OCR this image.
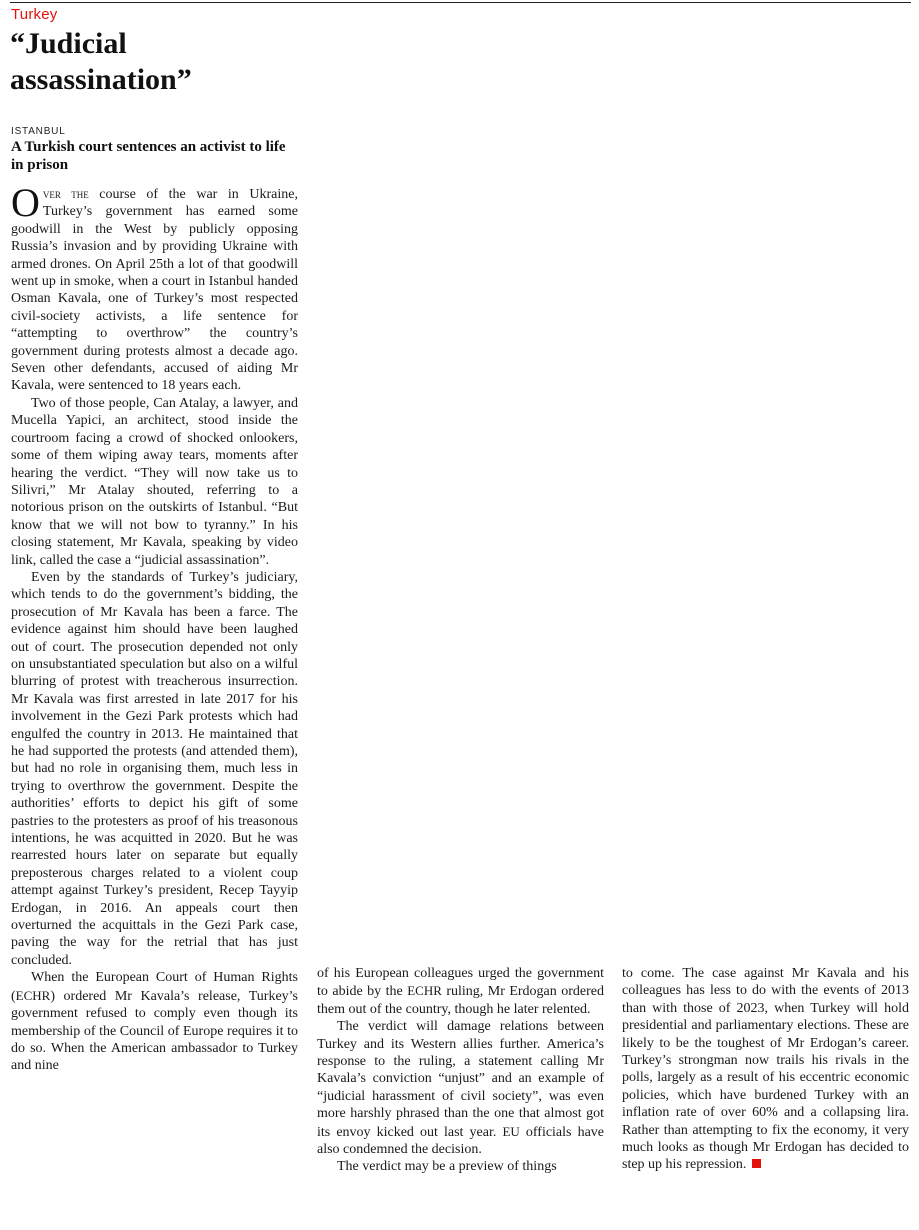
Turkey
“Judicial assassination”
ISTANBUL
A Turkish court sentences an activist to life in prison

Over the course of the war in Ukraine, Turkey’s government has earned some goodwill in the West by publicly opposing Russia’s invasion and by providing Ukraine with armed drones. On April 25th a lot of that goodwill went up in smoke, when a court in Istanbul handed Osman Kavala, one of Turkey’s most respected civil-society activists, a life sentence for “attempting to overthrow” the country’s government during protests almost a decade ago. Seven other defendants, accused of aiding Mr Kavala, were sentenced to 18 years each.

Two of those people, Can Atalay, a lawyer, and Mucella Yapici, an architect, stood inside the courtroom facing a crowd of shocked onlookers, some of them wiping away tears, moments after hearing the verdict. “They will now take us to Silivri,” Mr Atalay shouted, referring to a notorious prison on the outskirts of Istanbul. “But know that we will not bow to tyranny.” In his closing statement, Mr Kavala, speaking by video link, called the case a “judicial assassination”.

Even by the standards of Turkey’s judiciary, which tends to do the government’s bidding, the prosecution of Mr Kavala has been a farce. The evidence against him should have been laughed out of court. The prosecution depended not only on unsubstantiated speculation but also on a wilful blurring of protest with treacherous insurrection. Mr Kavala was first arrested in late 2017 for his involvement in the Gezi Park protests which had engulfed the country in 2013. He maintained that he had supported the protests (and attended them), but had no role in organising them, much less in trying to overthrow the government. Despite the authorities’ efforts to depict his gift of some pastries to the protesters as proof of his treasonous intentions, he was acquitted in 2020. But he was rearrested hours later on separate but equally preposterous charges related to a violent coup attempt against Turkey’s president, Recep Tayyip Erdogan, in 2016. An appeals court then overturned the acquittals in the Gezi Park case, paving the way for the retrial that has just concluded.

When the European Court of Human Rights (ECHR) ordered Mr Kavala’s release, Turkey’s government refused to comply even though its membership of the Council of Europe requires it to do so. When the American ambassador to Turkey and nine

of his European colleagues urged the government to abide by the ECHR ruling, Mr Erdogan ordered them out of the country, though he later relented.

The verdict will damage relations between Turkey and its Western allies further. America’s response to the ruling, a statement calling Mr Kavala’s conviction “unjust” and an example of “judicial harassment of civil society”, was even more harshly phrased than the one that almost got its envoy kicked out last year. EU officials have also condemned the decision.

The verdict may be a preview of things

to come. The case against Mr Kavala and his colleagues has less to do with the events of 2013 than with those of 2023, when Turkey will hold presidential and parliamentary elections. These are likely to be the toughest of Mr Erdogan’s career. Turkey’s strongman now trails his rivals in the polls, largely as a result of his eccentric economic policies, which have burdened Turkey with an inflation rate of over 60% and a collapsing lira. Rather than attempting to fix the economy, it very much looks as though Mr Erdogan has decided to step up his repression.
